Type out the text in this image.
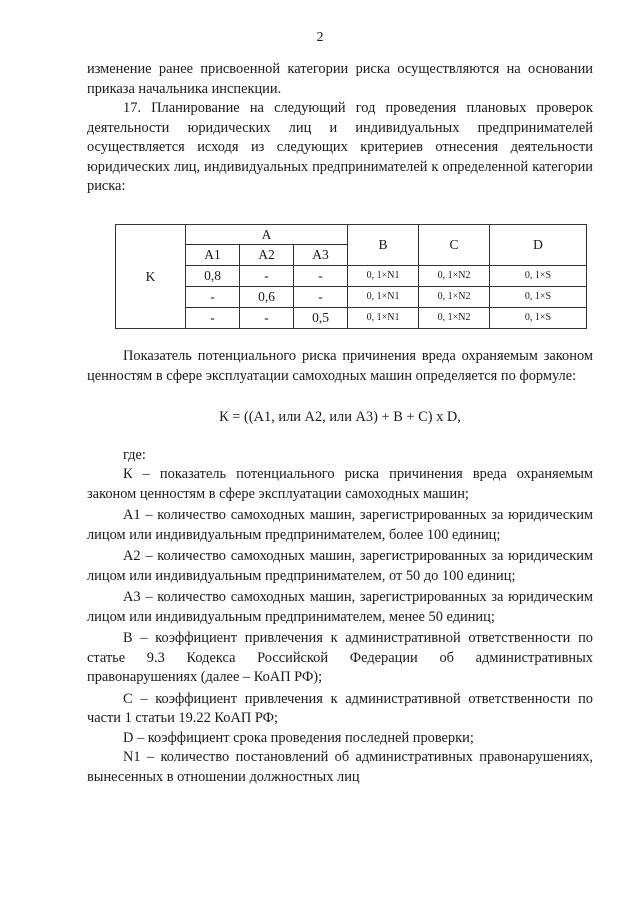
2

изменение ранее присвоенной категории риска осуществляются на основании приказа начальника инспекции.

17. Планирование на следующий год проведения плановых проверок деятельности юридических лиц и индивидуальных предпринимателей осуществляется исходя из следующих критериев отнесения деятельности юридических лиц, индивидуальных предпринимателей к определенной категории риска:

K	A			B	C	D
	A1	A2	A3			
	0,8	-	-	0, 1×N1	0, 1×N2	0, 1×S
	-	0,6	-	0, 1×N1	0, 1×N2	0, 1×S
	-	-	0,5	0, 1×N1	0, 1×N2	0, 1×S

Показатель потенциального риска причинения вреда охраняемым законом ценностям в сфере эксплуатации самоходных машин определяется по формуле:

К = ((А1, или А2, или А3) + В + С) х D,

где:

К – показатель потенциального риска причинения вреда охраняемым законом ценностям в сфере эксплуатации самоходных машин;

А1 – количество самоходных машин, зарегистрированных за юридическим лицом или индивидуальным предпринимателем, более 100 единиц;

А2 – количество самоходных машин, зарегистрированных за юридическим лицом или индивидуальным предпринимателем, от 50 до 100 единиц;

А3 – количество самоходных машин, зарегистрированных за юридическим лицом или индивидуальным предпринимателем, менее 50 единиц;

В – коэффициент привлечения к административной ответственности по статье 9.3 Кодекса Российской Федерации об административных правонарушениях (далее – КоАП РФ);

С – коэффициент привлечения к административной ответственности по части 1 статьи 19.22 КоАП РФ;

D – коэффициент срока проведения последней проверки;

N1 – количество постановлений об административных правонарушениях, вынесенных в отношении должностных лиц
